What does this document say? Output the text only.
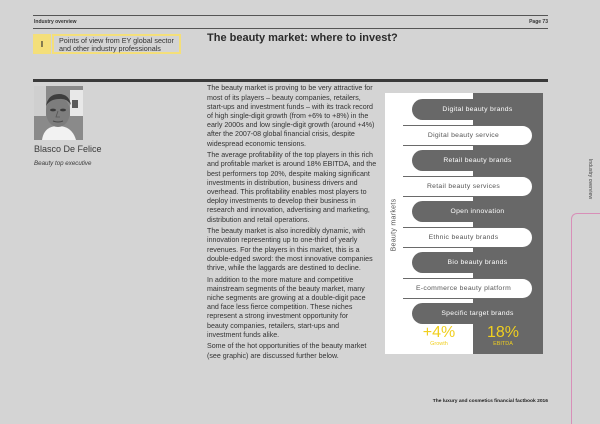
Industry overview	Page 73
I	Points of view from EY global sector
and other industry professionals
The beauty market: where to invest?
Blasco De Felice
Beauty top executive
The beauty market is proving to be very attractive for
most of its players – beauty companies, retailers,
start-ups and investment funds – with its track record
of high single-digit growth (from +6% to +8%) in the
early 2000s and low single-digit growth (around +4%)
after the 2007-08 global financial crisis, despite
widespread economic tensions.
The average profitability of the top players in this rich
and profitable market is around 18% EBITDA, and the
best performers top 20%, despite making significant
investments in distribution, business drivers and
overhead. This profitability enables most players to
deploy investments to develop their business in
research and innovation, advertising and marketing,
distribution and retail operations.
The beauty market is also incredibly dynamic, with
innovation representing up to one-third of yearly
revenues. For the players in this market, this is a
double-edged sword: the most innovative companies
thrive, while the laggards are destined to decline.
In addition to the more mature and competitive
mainstream segments of the beauty market, many
niche segments are growing at a double-digit pace
and face less fierce competition. These niches
represent a strong investment opportunity for
beauty companies, retailers, start-ups and
investment funds alike.
Some of the hot opportunities of the beauty market
(see graphic) are discussed further below.
Digital beauty brands
Digital beauty service
Retail beauty brands
Retail beauty services
Open innovation
Ethnic beauty brands
Bio beauty brands
E-commerce beauty platform
Specific target brands
+4%
Growth
18%
EBITDA
Beauty markets
Industry overview
The luxury and cosmetics financial factbook 2016
